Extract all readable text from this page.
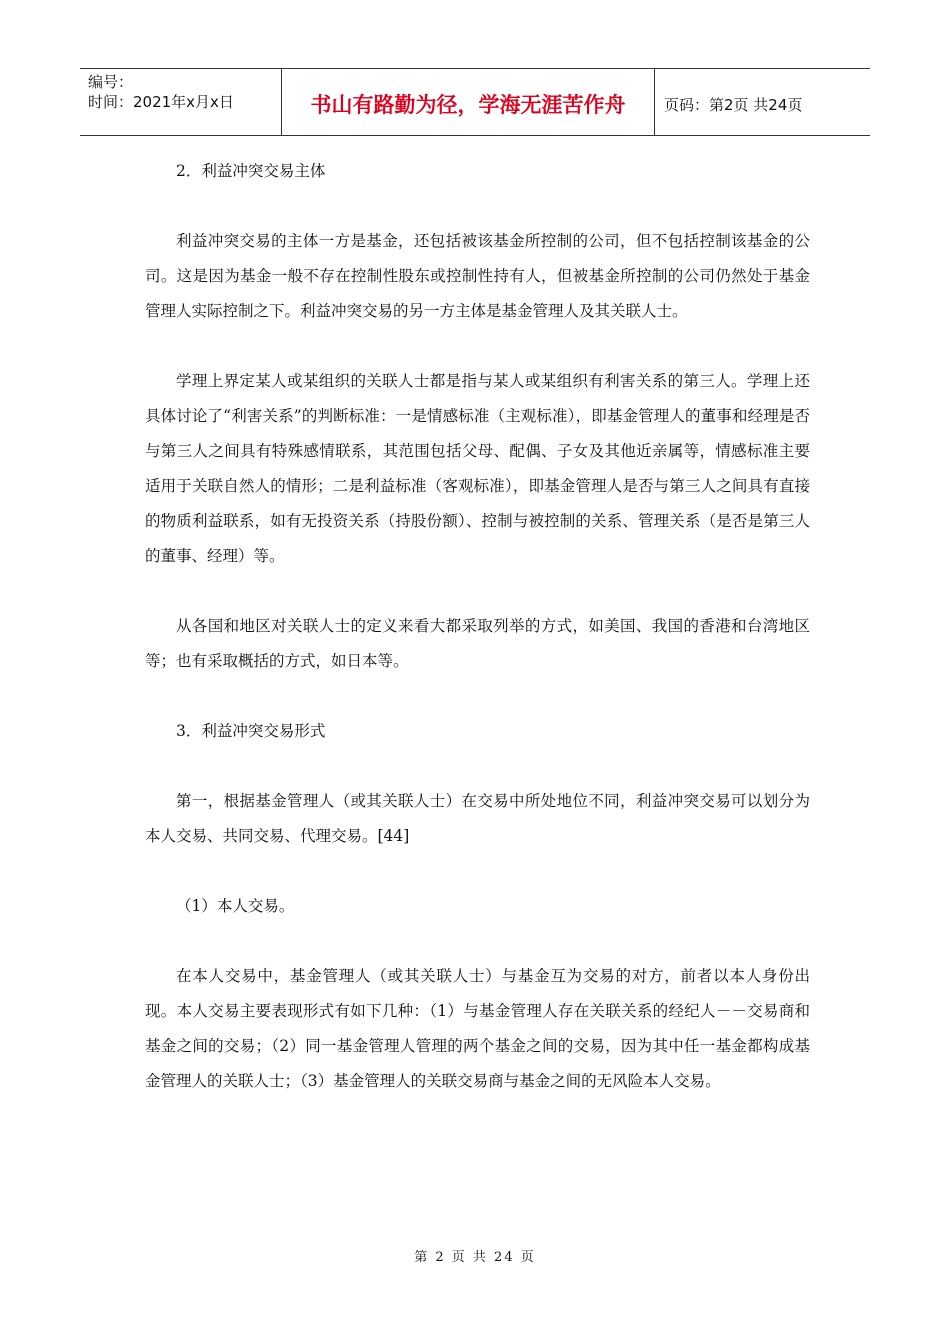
编号：
时间：2021年x月x日	书山有路勤为径，学海无涯苦作舟	页码：第2页 共24页

2．利益冲突交易主体

利益冲突交易的主体一方是基金，还包括被该基金所控制的公司，但不包括控制该基金的公司。这是因为基金一般不存在控制性股东或控制性持有人，但被基金所控制的公司仍然处于基金管理人实际控制之下。利益冲突交易的另一方主体是基金管理人及其关联人士。

学理上界定某人或某组织的关联人士都是指与某人或某组织有利害关系的第三人。学理上还具体讨论了“利害关系”的判断标准：一是情感标准（主观标准），即基金管理人的董事和经理是否与第三人之间具有特殊感情联系，其范围包括父母、配偶、子女及其他近亲属等，情感标准主要适用于关联自然人的情形；二是利益标准（客观标准），即基金管理人是否与第三人之间具有直接的物质利益联系，如有无投资关系（持股份额）、控制与被控制的关系、管理关系（是否是第三人的董事、经理）等。

从各国和地区对关联人士的定义来看大都采取列举的方式，如美国、我国的香港和台湾地区等；也有采取概括的方式，如日本等。

3．利益冲突交易形式

第一，根据基金管理人（或其关联人士）在交易中所处地位不同，利益冲突交易可以划分为本人交易、共同交易、代理交易。[44]

（1）本人交易。

在本人交易中，基金管理人（或其关联人士）与基金互为交易的对方，前者以本人身份出现。本人交易主要表现形式有如下几种：（1）与基金管理人存在关联关系的经纪人－－交易商和基金之间的交易；（2）同一基金管理人管理的两个基金之间的交易，因为其中任一基金都构成基金管理人的关联人士；（3）基金管理人的关联交易商与基金之间的无风险本人交易。

第 2 页 共 24 页
